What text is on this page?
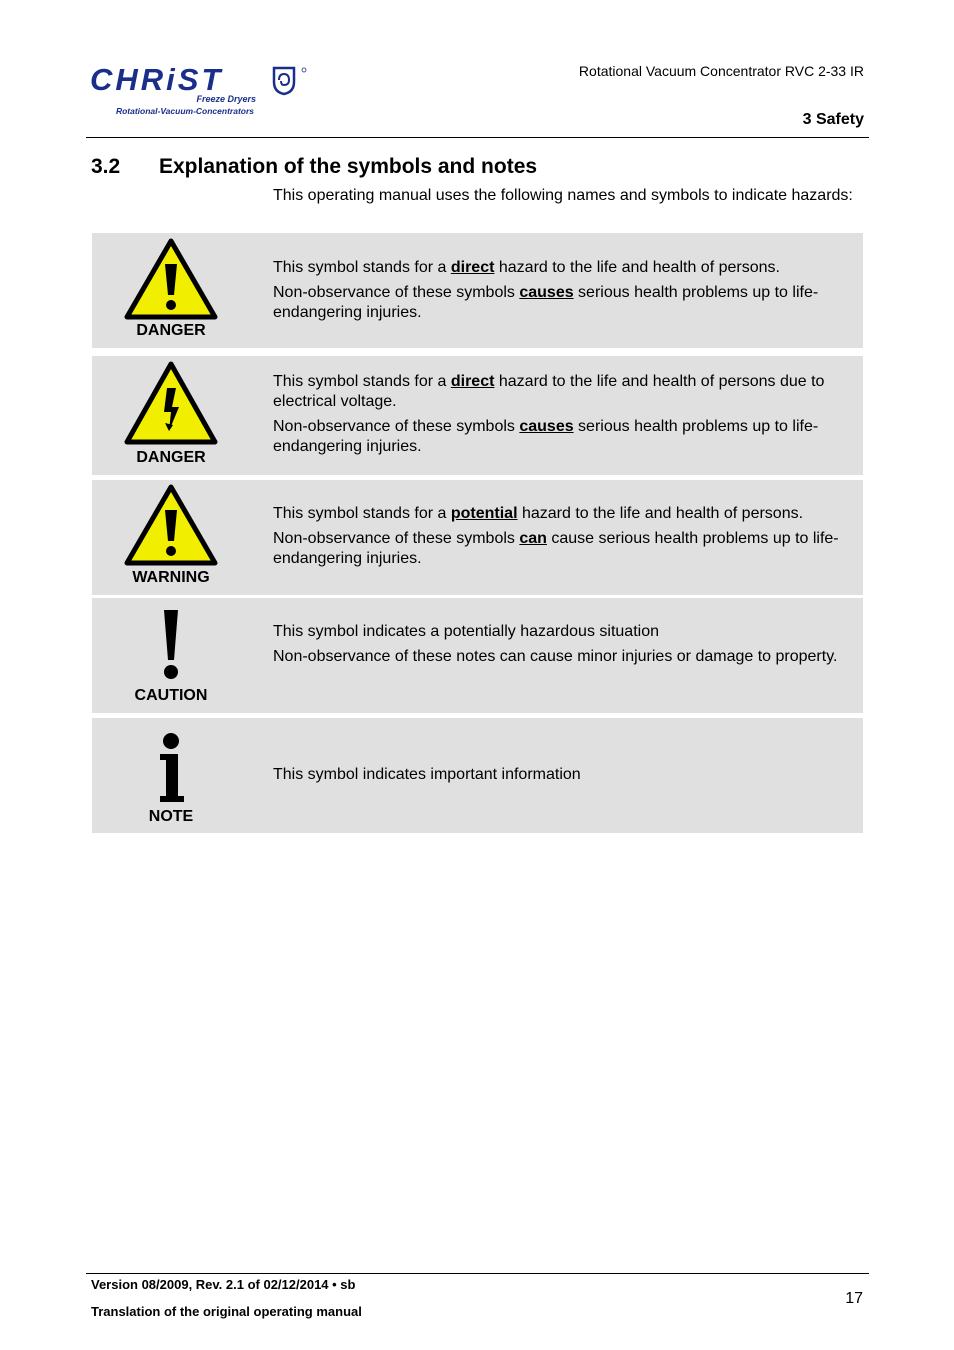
CHRiST
Freeze Dryers
Rotational-Vacuum-Concentrators
Rotational Vacuum Concentrator RVC 2-33 IR
3 Safety
3.2 Explanation of the symbols and notes
This operating manual uses the following names and symbols to indicate hazards:
DANGER

This symbol stands for a direct hazard to the life and health of persons.

Non-observance of these symbols causes serious health problems up to life-endangering injuries.

DANGER

This symbol stands for a direct hazard to the life and health of persons due to electrical voltage.

Non-observance of these symbols causes serious health problems up to life-endangering injuries.

WARNING

This symbol stands for a potential hazard to the life and health of persons.

Non-observance of these symbols can cause serious health problems up to life-endangering injuries.

CAUTION

This symbol indicates a potentially hazardous situation

Non-observance of these notes can cause minor injuries or damage to property.

NOTE

This symbol indicates important information

Version 08/2009, Rev. 2.1 of 02/12/2014 • sb
Translation of the original operating manual
17
